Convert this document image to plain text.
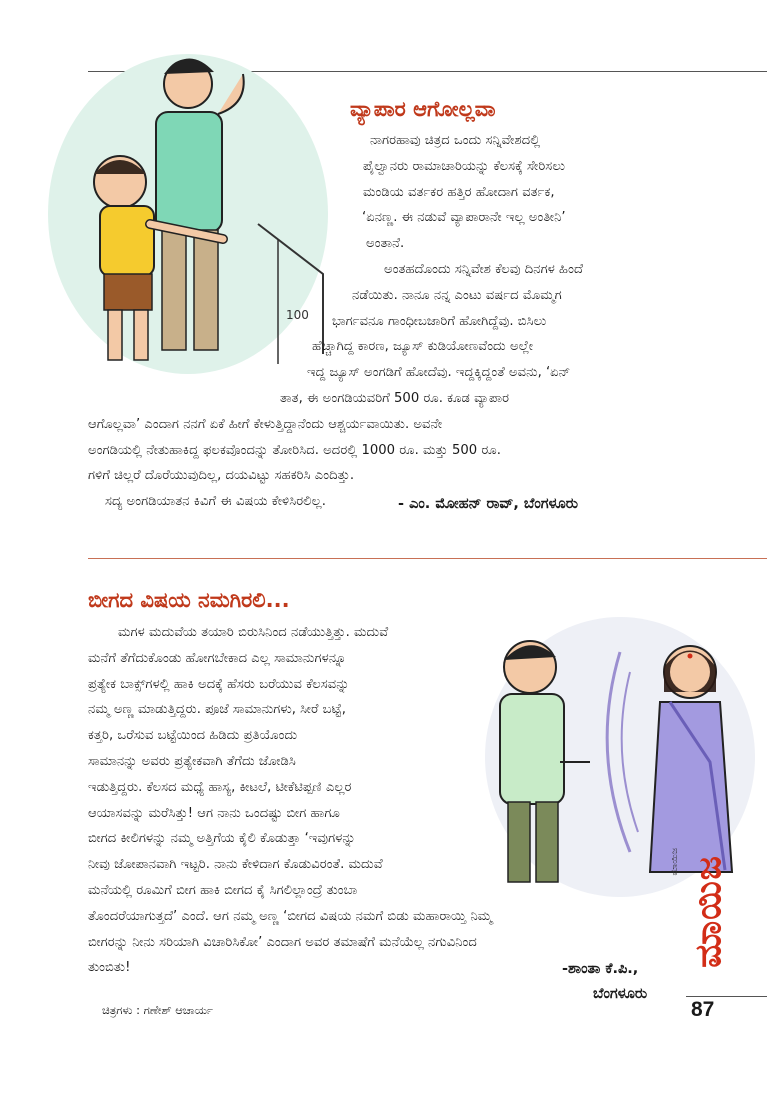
100
ವ್ಯಾಪಾರ ಆಗೋಲ್ಲವಾ
ನಾಗರಹಾವು ಚಿತ್ರದ ಒಂದು ಸನ್ನಿವೇಶದಲ್ಲಿ
ಪೈಲ್ವಾನರು ರಾಮಾಚಾರಿಯನ್ನು ಕೆಲಸಕ್ಕೆ ಸೇರಿಸಲು
ಮಂಡಿಯ ವರ್ತಕರ ಹತ್ತಿರ ಹೋದಾಗ ವರ್ತಕ,
‘ಏನಣ್ಣ. ಈ ನಡುವೆ ವ್ಯಾಪಾರಾನೇ ಇಲ್ಲ ಅಂತೀನಿ’
ಅಂತಾನೆ.
ಅಂತಹದೊಂದು ಸನ್ನಿವೇಶ ಕೆಲವು ದಿನಗಳ ಹಿಂದೆ
ನಡೆಯಿತು. ನಾನೂ ನನ್ನ ಎಂಟು ವರ್ಷದ ಮೊಮ್ಮಗ
ಭಾರ್ಗವನೂ ಗಾಂಧೀಬಜಾರಿಗೆ ಹೋಗಿದ್ದೆವು. ಬಿಸಿಲು
ಹೆಚ್ಚಾಗಿದ್ದ ಕಾರಣ, ಜ್ಯೂಸ್ ಕುಡಿಯೋಣವೆಂದು ಅಲ್ಲೇ
ಇದ್ದ ಜ್ಯೂಸ್ ಅಂಗಡಿಗೆ ಹೋದೆವು. ಇದ್ದಕ್ಕಿದ್ದಂತೆ ಅವನು, ‘ಏನ್
ತಾತ, ಈ ಅಂಗಡಿಯವರಿಗೆ 500 ರೂ. ಕೂಡ ವ್ಯಾಪಾರ
ಆಗೊಲ್ಲವಾ’ ಎಂದಾಗ ನನಗೆ ಏಕೆ ಹೀಗೆ ಕೇಳುತ್ತಿದ್ದಾನೆಂದು ಆಶ್ಚರ್ಯವಾಯಿತು. ಅವನೇ
ಅಂಗಡಿಯಲ್ಲಿ ನೇತುಹಾಕಿದ್ದ ಫಲಕವೊಂದನ್ನು ತೋರಿಸಿದ. ಅದರಲ್ಲಿ 1000 ರೂ. ಮತ್ತು 500 ರೂ.
ಗಳಿಗೆ ಚಿಲ್ಲರೆ ದೊರೆಯುವುದಿಲ್ಲ, ದಯವಿಟ್ಟು ಸಹಕರಿಸಿ ಎಂದಿತ್ತು.
ಸದ್ಯ ಅಂಗಡಿಯಾತನ ಕಿವಿಗೆ ಈ ವಿಷಯ ಕೇಳಿಸಿರಲಿಲ್ಲ.	- ಎಂ. ಮೋಹನ್ ರಾವ್, ಬೆಂಗಳೂರು
ಬೀಗದ ವಿಷಯ ನಮಗಿರಲಿ...
ಮಗಳ ಮದುವೆಯ ತಯಾರಿ ಬಿರುಸಿನಿಂದ ನಡೆಯುತ್ತಿತ್ತು. ಮದುವೆ
ಮನೆಗೆ ತೆಗೆದುಕೊಂಡು ಹೋಗಬೇಕಾದ ಎಲ್ಲ ಸಾಮಾನುಗಳನ್ನೂ
ಪ್ರತ್ಯೇಕ ಬಾಕ್ಸ್‌ಗಳಲ್ಲಿ ಹಾಕಿ ಅದಕ್ಕೆ ಹೆಸರು ಬರೆಯುವ ಕೆಲಸವನ್ನು
ನಮ್ಮ ಅಣ್ಣ ಮಾಡುತ್ತಿದ್ದರು. ಪೂಜೆ ಸಾಮಾನುಗಳು, ಸೀರೆ ಬಟ್ಟೆ,
ಕತ್ತರಿ, ಒರೆಸುವ ಬಟ್ಟೆಯಿಂದ ಹಿಡಿದು ಪ್ರತಿಯೊಂದು
ಸಾಮಾನನ್ನು ಅವರು ಪ್ರತ್ಯೇಕವಾಗಿ ತೆಗೆದು ಜೋಡಿಸಿ
ಇಡುತ್ತಿದ್ದರು. ಕೆಲಸದ ಮಧ್ಯೆ ಹಾಸ್ಯ, ಕೀಟಲೆ, ಟೀಕೆಟಿಪ್ಪಣಿ ಎಲ್ಲರ
ಆಯಾಸವನ್ನು ಮರೆಸಿತ್ತು! ಆಗ ನಾನು ಒಂದಷ್ಟು ಬೀಗ ಹಾಗೂ
ಬೀಗದ ಕೀಲಿಗಳನ್ನು ನಮ್ಮ ಅತ್ತಿಗೆಯ ಕೈಲಿ ಕೊಡುತ್ತಾ ‘ಇವುಗಳನ್ನು
ನೀವು ಜೋಪಾನವಾಗಿ ಇಟ್ಟರಿ. ನಾನು ಕೇಳಿದಾಗ ಕೊಡುವಿರಂತೆ. ಮದುವೆ
ಮನೆಯಲ್ಲಿ ರೂಮಿಗೆ ಬೀಗ ಹಾಕಿ ಬೀಗದ ಕೈ ಸಿಗಲಿಲ್ಲಾಂದ್ರೆ ತುಂಬಾ
ತೊಂದರೆಯಾಗುತ್ತದೆ’ ಎಂದೆ. ಆಗ ನಮ್ಮ ಅಣ್ಣ ‘ಬೀಗದ ವಿಷಯ ನಮಗೆ ಬಿಡು ಮಹಾರಾಯ್ತಿ ನಿಮ್ಮ
ಬೀಗರನ್ನು ನೀನು ಸರಿಯಾಗಿ ವಿಚಾರಿಸಿಕೋ’ ಎಂದಾಗ ಅವರ ತಮಾಷೆಗೆ ಮನೆಯೆಲ್ಲ ನಗುವಿನಿಂದ
ತುಂಬಿತು!
ಮಾಯಿಜ
ಮಾಯಿಜ
-ಶಾಂತಾ ಕೆ.ಪಿ.,
ಬೆಂಗಳೂರು
87
ಚಿತ್ರಗಳು : ಗಣೇಶ್ ಆಚಾರ್ಯ
